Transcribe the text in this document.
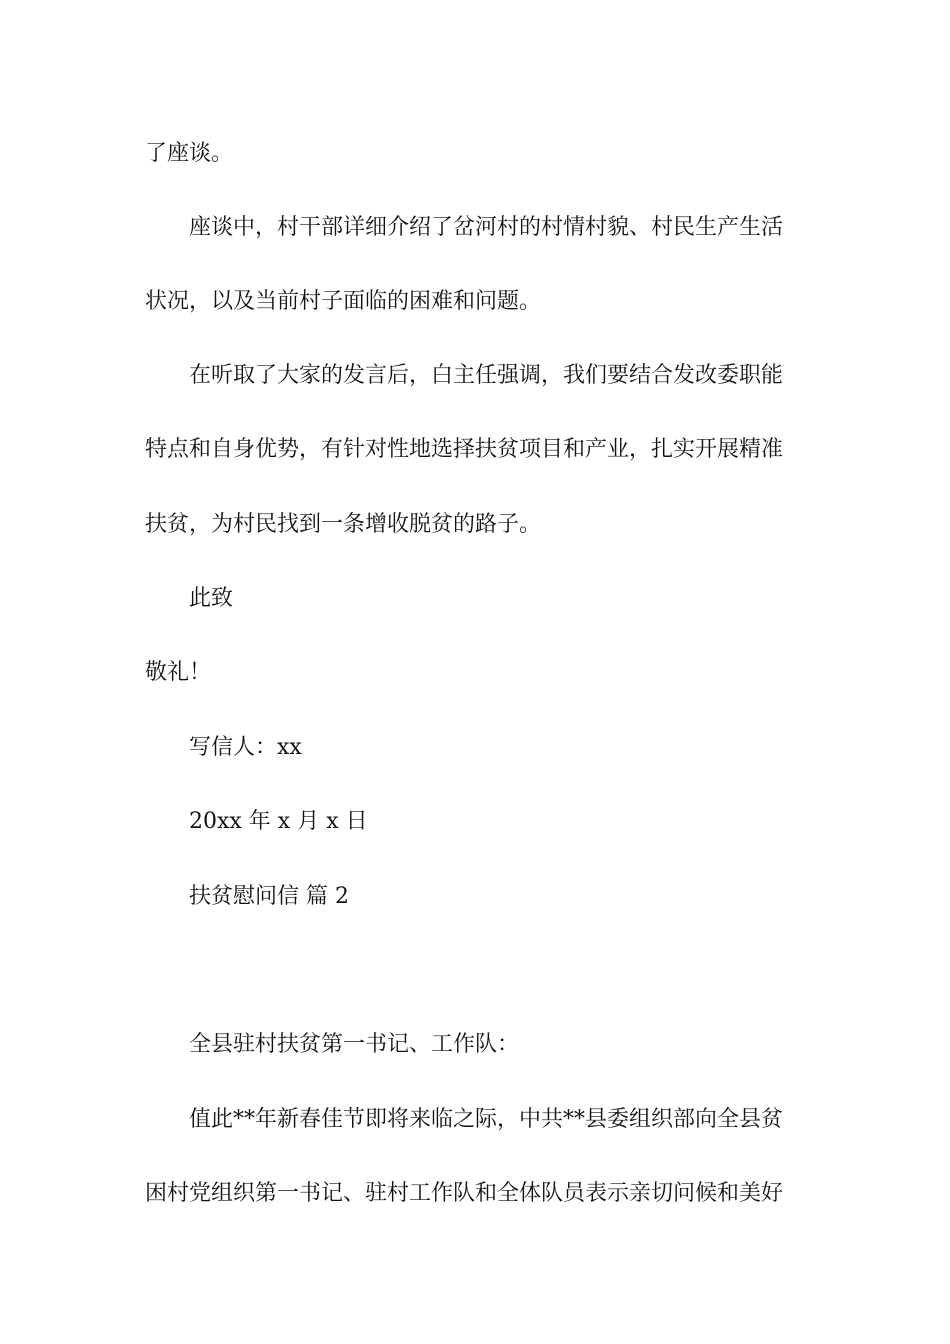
了座谈。
座谈中，村干部详细介绍了岔河村的村情村貌、村民生产生活
状况，以及当前村子面临的困难和问题。
在听取了大家的发言后，白主任强调，我们要结合发改委职能
特点和自身优势，有针对性地选择扶贫项目和产业，扎实开展精准
扶贫，为村民找到一条增收脱贫的路子。
此致
敬礼！
写信人：xx
20xx 年 x 月 x 日
扶贫慰问信 篇 2
全县驻村扶贫第一书记、工作队：
值此**年新春佳节即将来临之际，中共**县委组织部向全县贫
困村党组织第一书记、驻村工作队和全体队员表示亲切问候和美好
